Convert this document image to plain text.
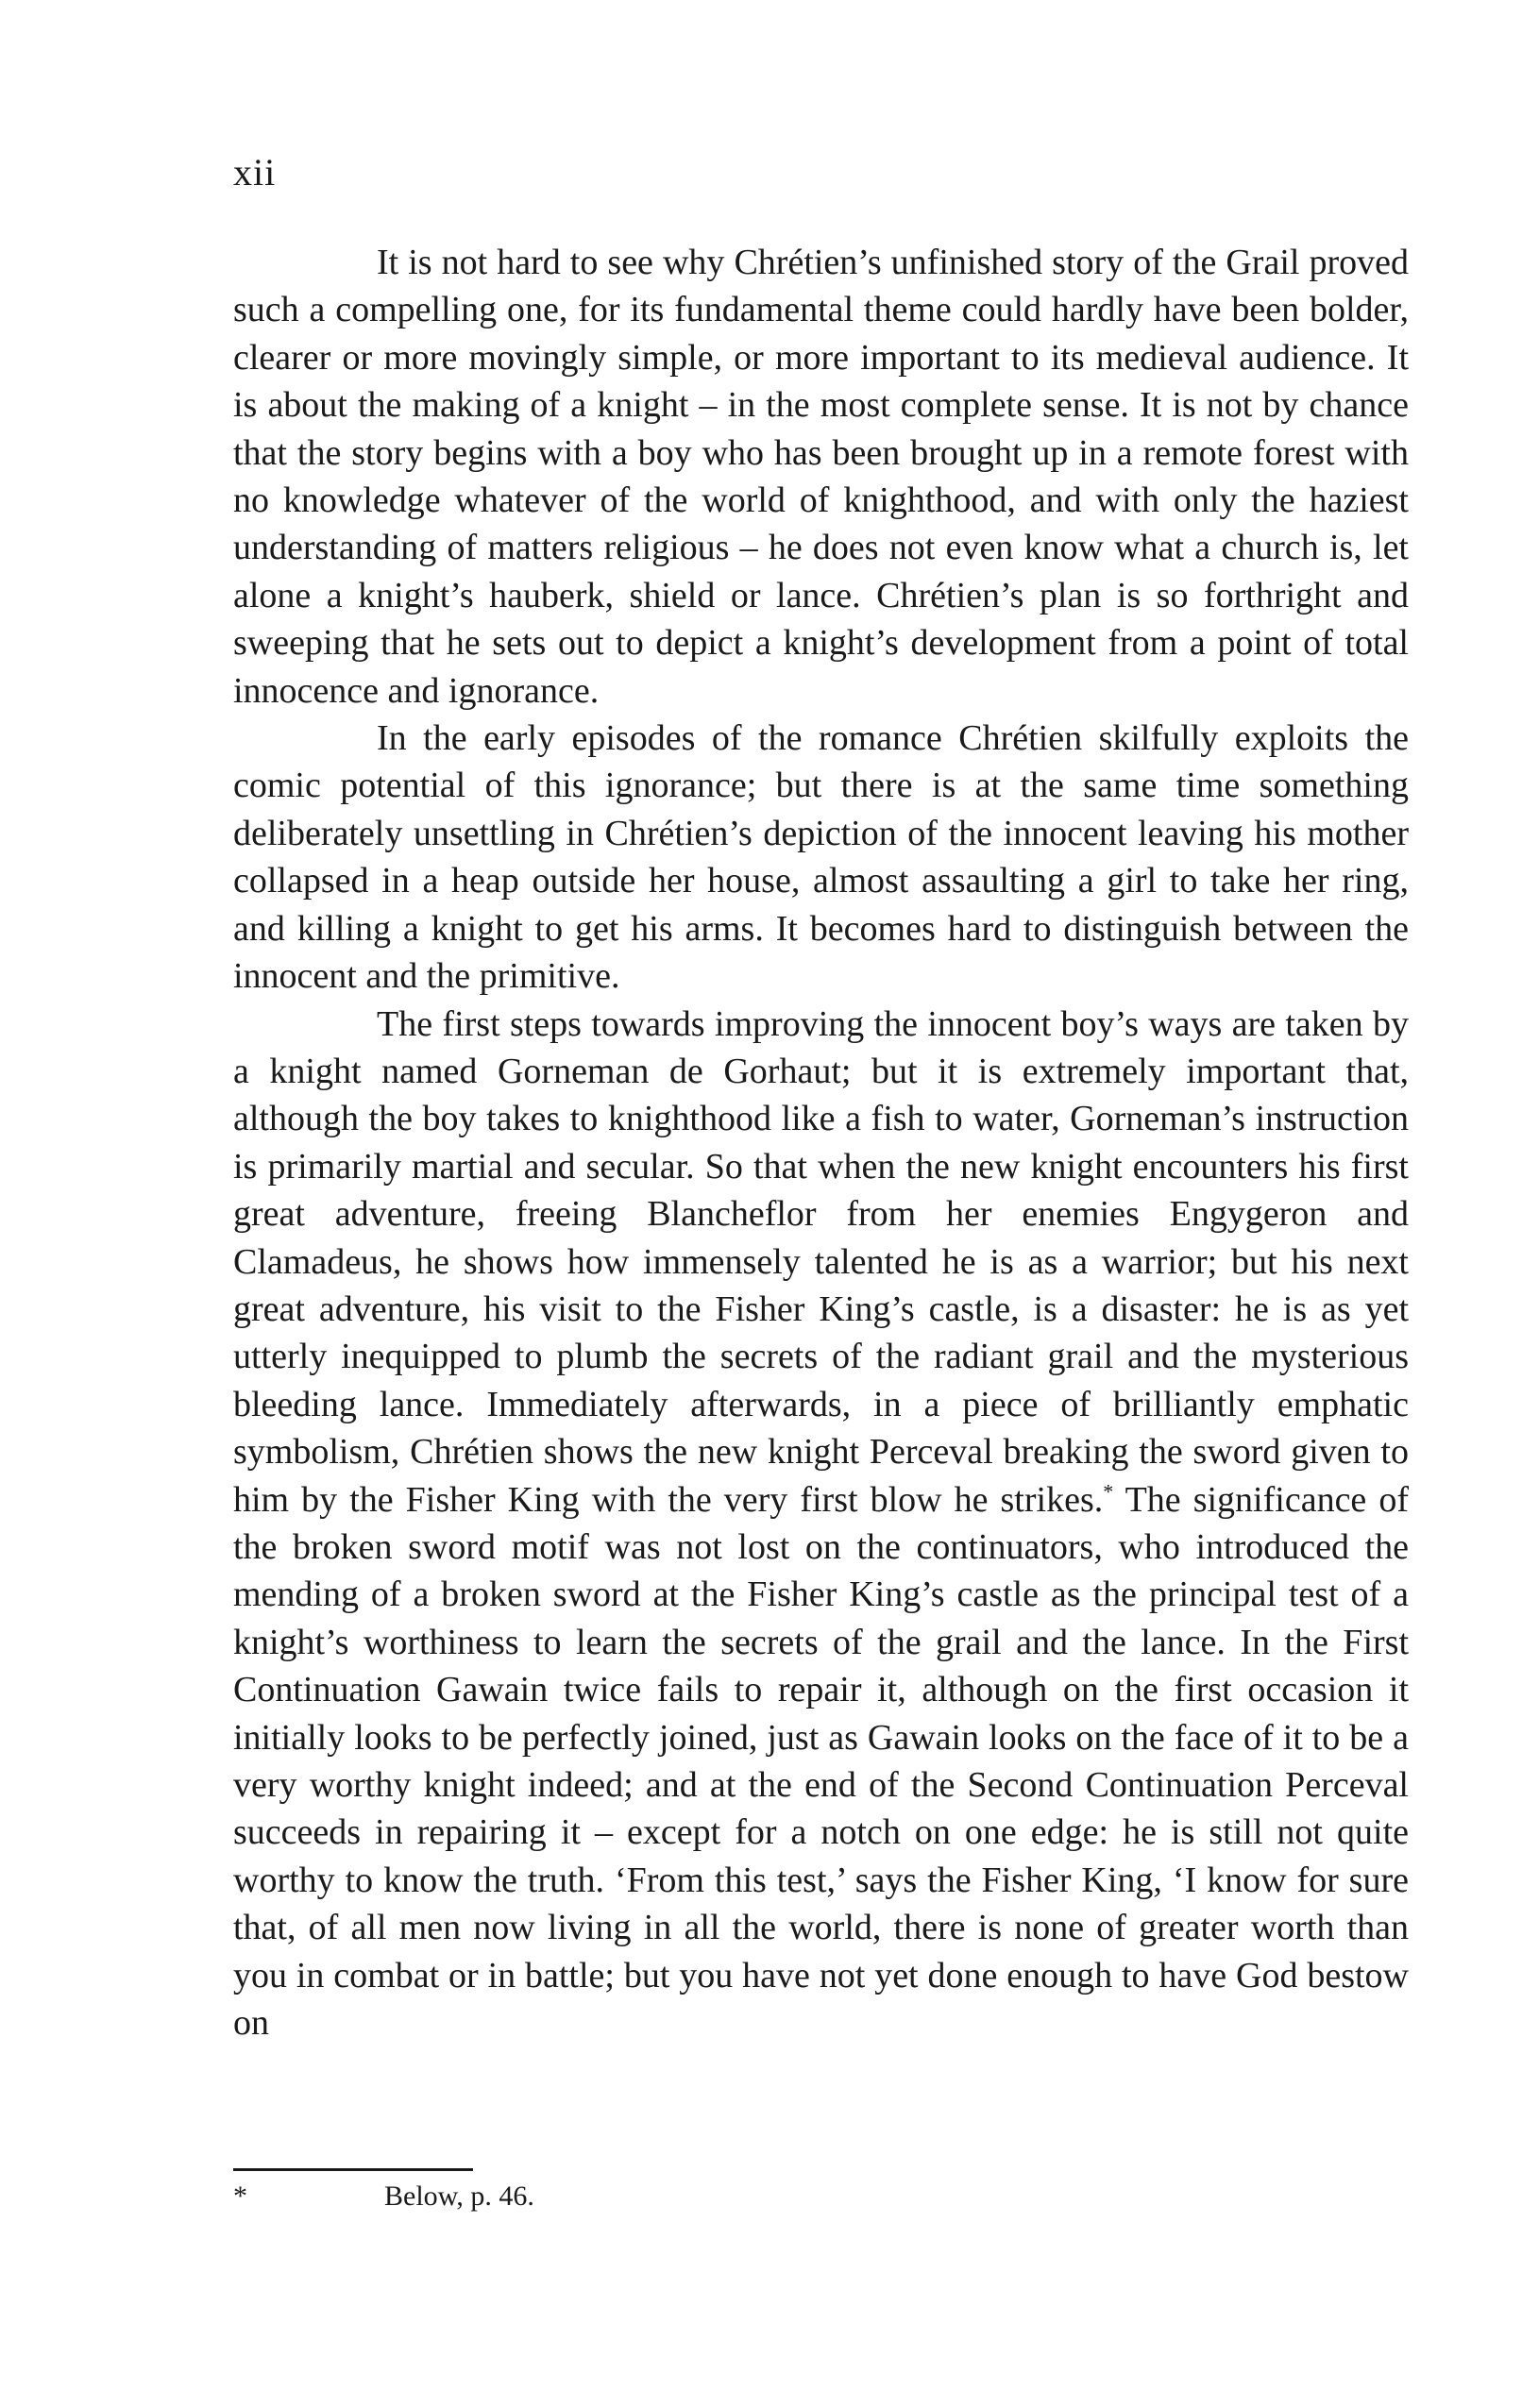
xii

It is not hard to see why Chrétien’s unfinished story of the Grail proved such a compelling one, for its fundamental theme could hardly have been bolder, clearer or more movingly simple, or more important to its medieval audience. It is about the making of a knight – in the most complete sense. It is not by chance that the story begins with a boy who has been brought up in a remote forest with no knowledge whatever of the world of knighthood, and with only the haziest understanding of matters religious – he does not even know what a church is, let alone a knight’s hauberk, shield or lance. Chrétien’s plan is so forthright and sweeping that he sets out to depict a knight’s development from a point of total innocence and ignorance.

In the early episodes of the romance Chrétien skilfully exploits the comic potential of this ignorance; but there is at the same time something deliberately unsettling in Chrétien’s depiction of the innocent leaving his mother collapsed in a heap outside her house, almost assaulting a girl to take her ring, and killing a knight to get his arms. It becomes hard to distinguish between the innocent and the primitive.

The first steps towards improving the innocent boy’s ways are taken by a knight named Gorneman de Gorhaut; but it is extremely important that, although the boy takes to knighthood like a fish to water, Gorneman’s instruction is primarily martial and secular. So that when the new knight encounters his first great adventure, freeing Blancheflor from her enemies Engygeron and Clamadeus, he shows how immensely talented he is as a warrior; but his next great adventure, his visit to the Fisher King’s castle, is a disaster: he is as yet utterly inequipped to plumb the secrets of the radiant grail and the mysterious bleeding lance. Immediately afterwards, in a piece of brilliantly emphatic symbolism, Chrétien shows the new knight Perceval breaking the sword given to him by the Fisher King with the very first blow he strikes.* The significance of the broken sword motif was not lost on the continuators, who introduced the mending of a broken sword at the Fisher King’s castle as the principal test of a knight’s worthiness to learn the secrets of the grail and the lance. In the First Continuation Gawain twice fails to repair it, although on the first occasion it initially looks to be perfectly joined, just as Gawain looks on the face of it to be a very worthy knight indeed; and at the end of the Second Continuation Perceval succeeds in repairing it – except for a notch on one edge: he is still not quite worthy to know the truth. ‘From this test,’ says the Fisher King, ‘I know for sure that, of all men now living in all the world, there is none of greater worth than you in combat or in battle; but you have not yet done enough to have God bestow on

*	Below, p. 46.
